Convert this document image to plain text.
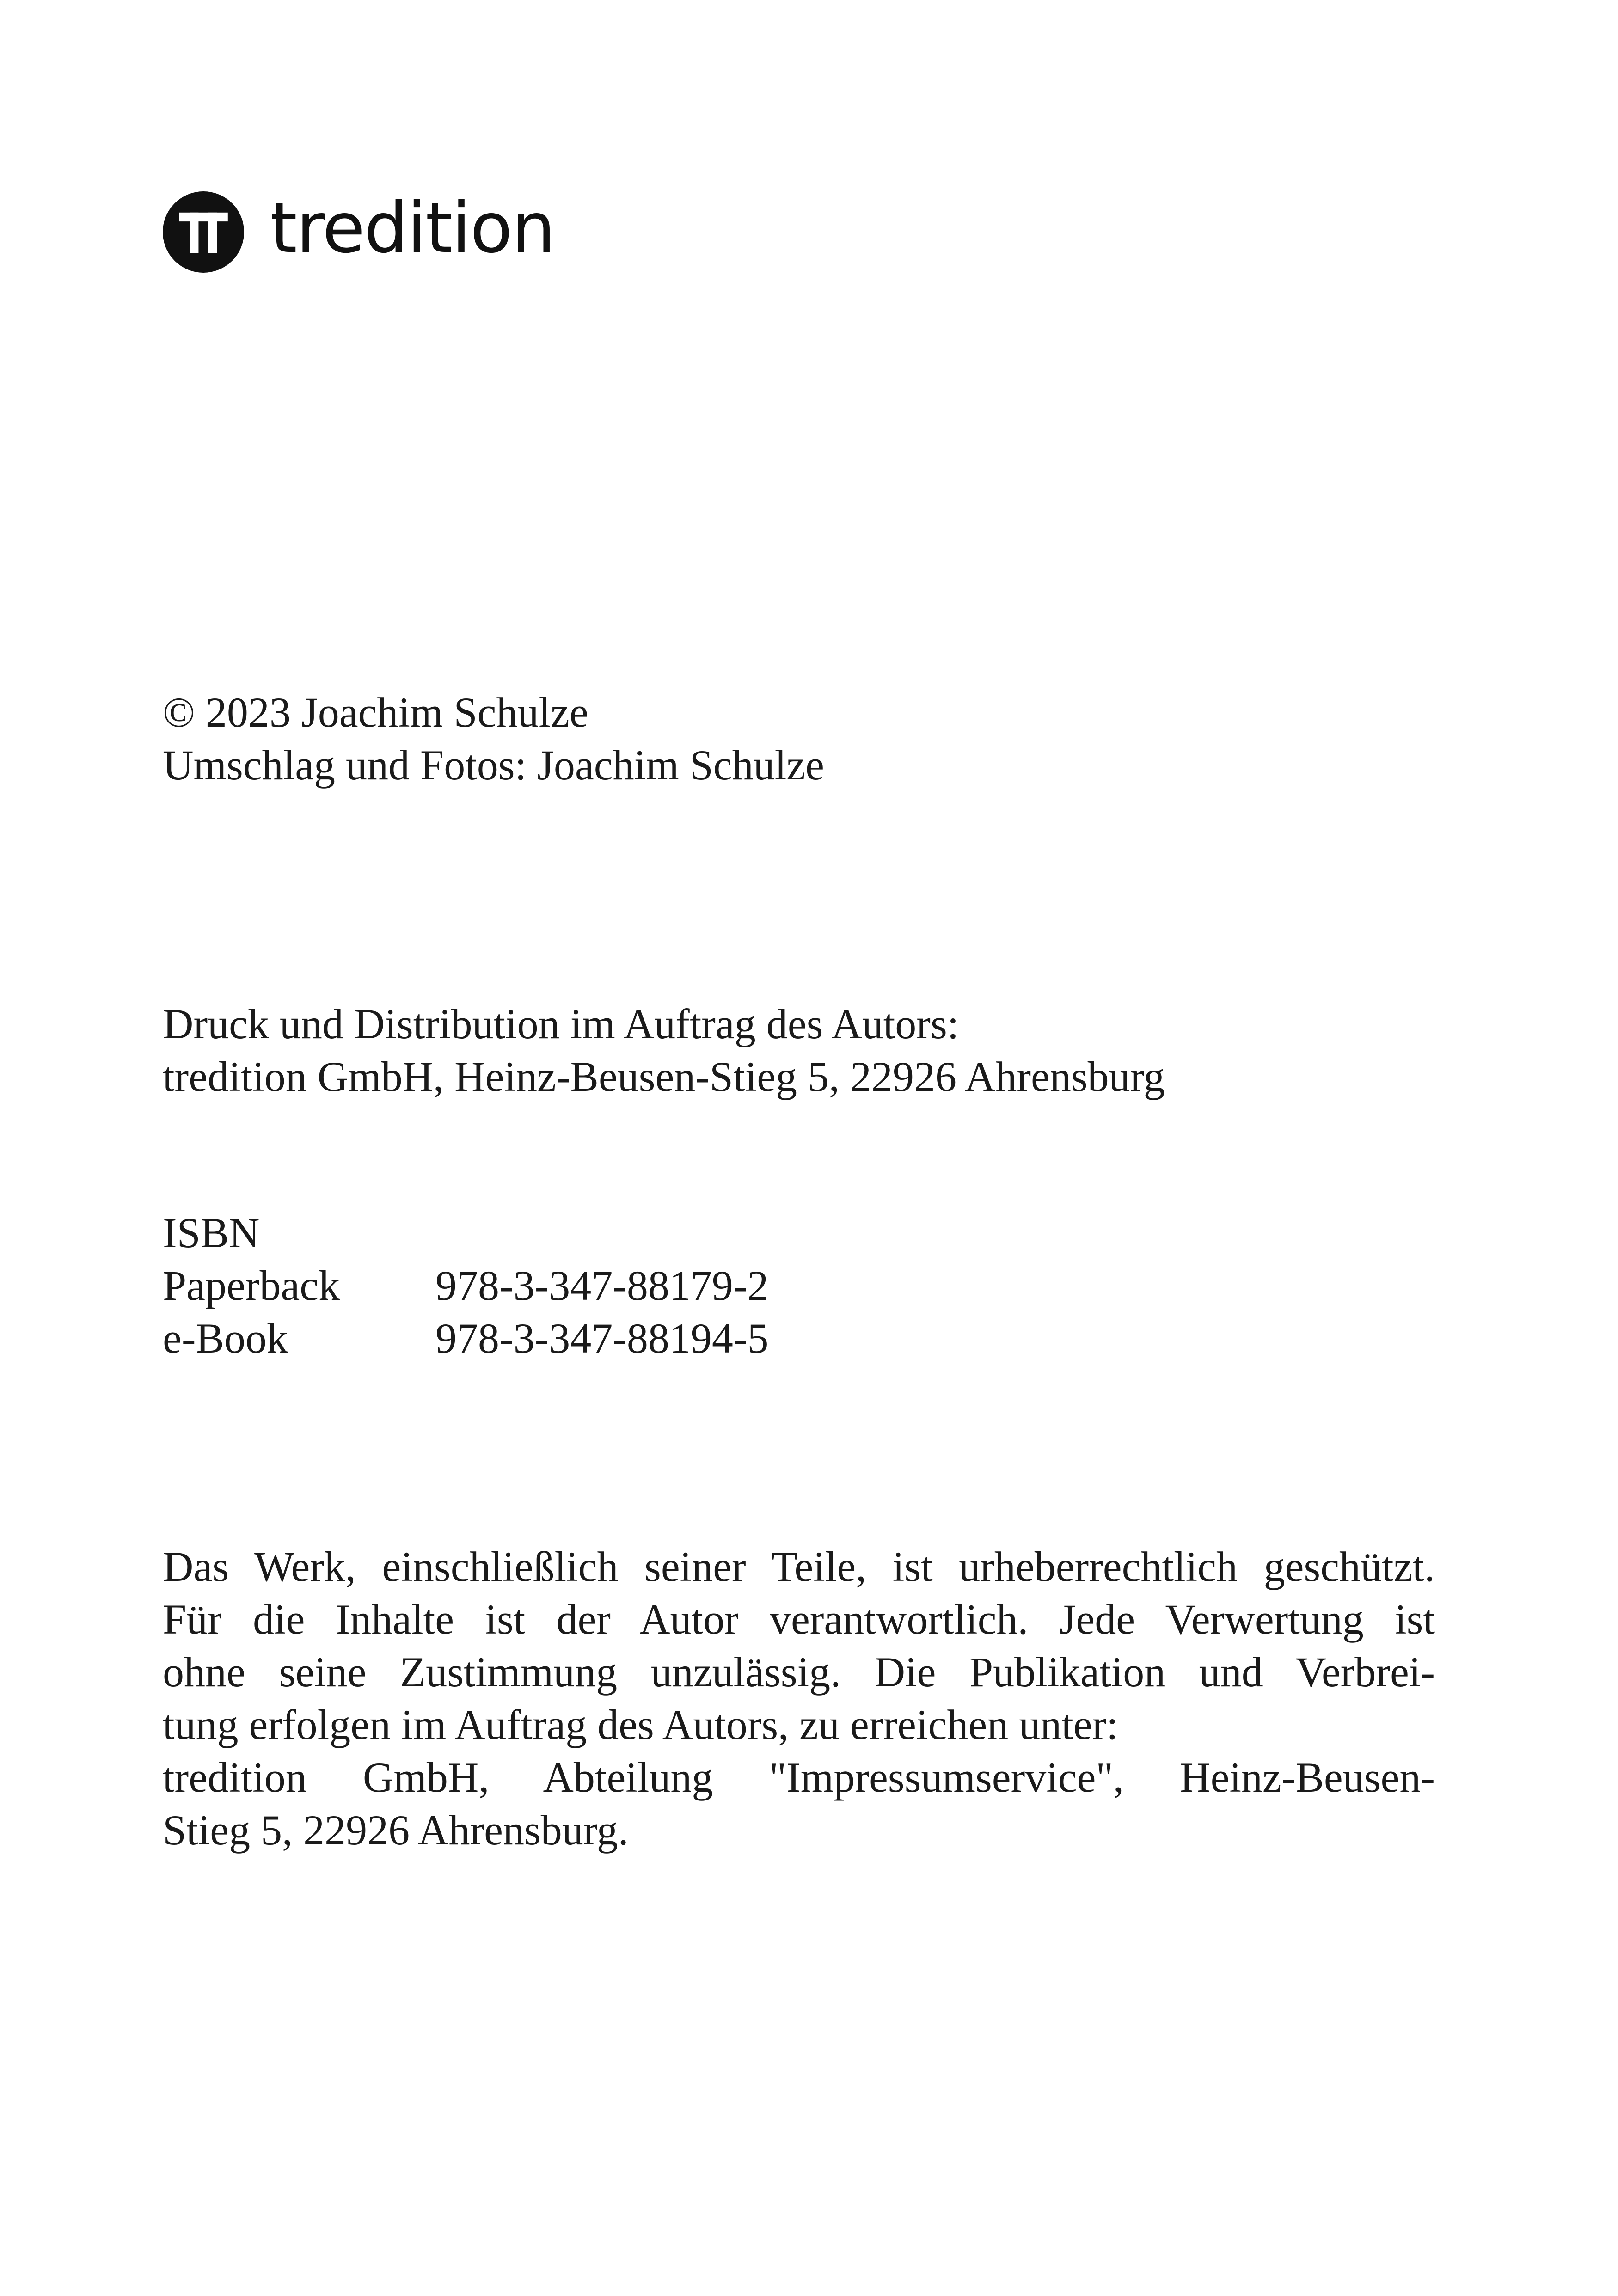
tredition
© 2023 Joachim Schulze
Umschlag und Fotos: Joachim Schulze
Druck und Distribution im Auftrag des Autors:
tredition GmbH, Heinz-Beusen-Stieg 5, 22926 Ahrensburg
ISBN
Paperback	978-3-347-88179-2
e-Book	978-3-347-88194-5
Das Werk, einschließlich seiner Teile, ist urheberrechtlich geschützt.
Für die Inhalte ist der Autor verantwortlich. Jede Verwertung ist
ohne seine Zustimmung unzulässig. Die Publikation und Verbrei-
tung erfolgen im Auftrag des Autors, zu erreichen unter:
tredition GmbH, Abteilung "Impressumservice", Heinz-Beusen-
Stieg 5, 22926 Ahrensburg.
